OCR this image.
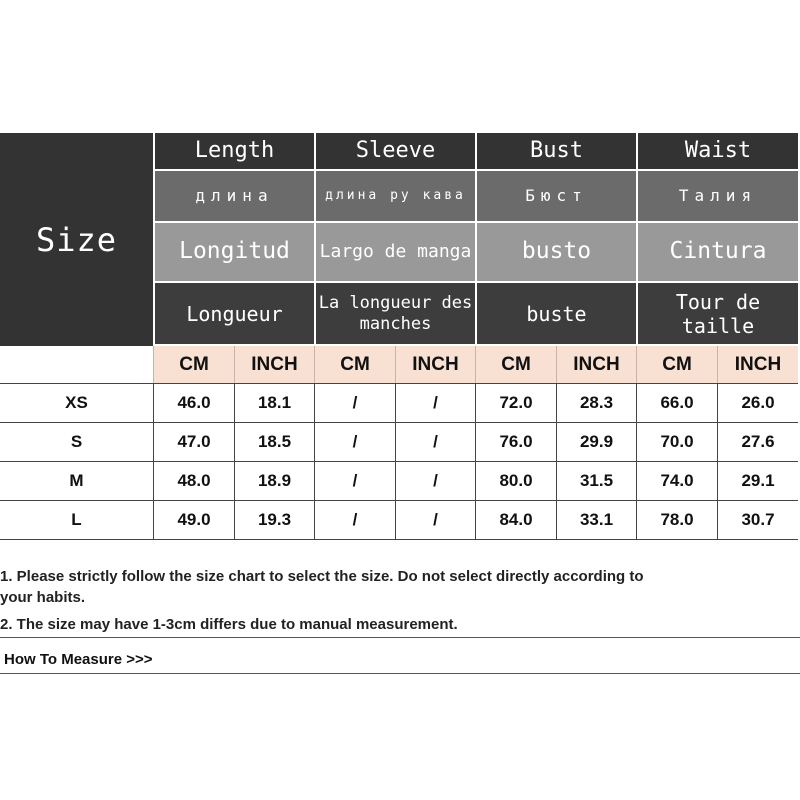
Size
Length	Sleeve	Bust	Waist
длина	длина ру кава	Бюст	Талия
Longitud	Largo de manga	busto	Cintura
Longueur	La longueur des manches	buste	Tour de taille
CM	INCH	CM	INCH	CM	INCH	CM	INCH
XS	46.0	18.1	/	/	72.0	28.3	66.0	26.0
S	47.0	18.5	/	/	76.0	29.9	70.0	27.6
M	48.0	18.9	/	/	80.0	31.5	74.0	29.1
L	49.0	19.3	/	/	84.0	33.1	78.0	30.7

1. Please strictly follow the size chart to select the size. Do not select directly according to

your habits.

2. The size may have 1-3cm differs due to manual measurement.

How To Measure >>>
